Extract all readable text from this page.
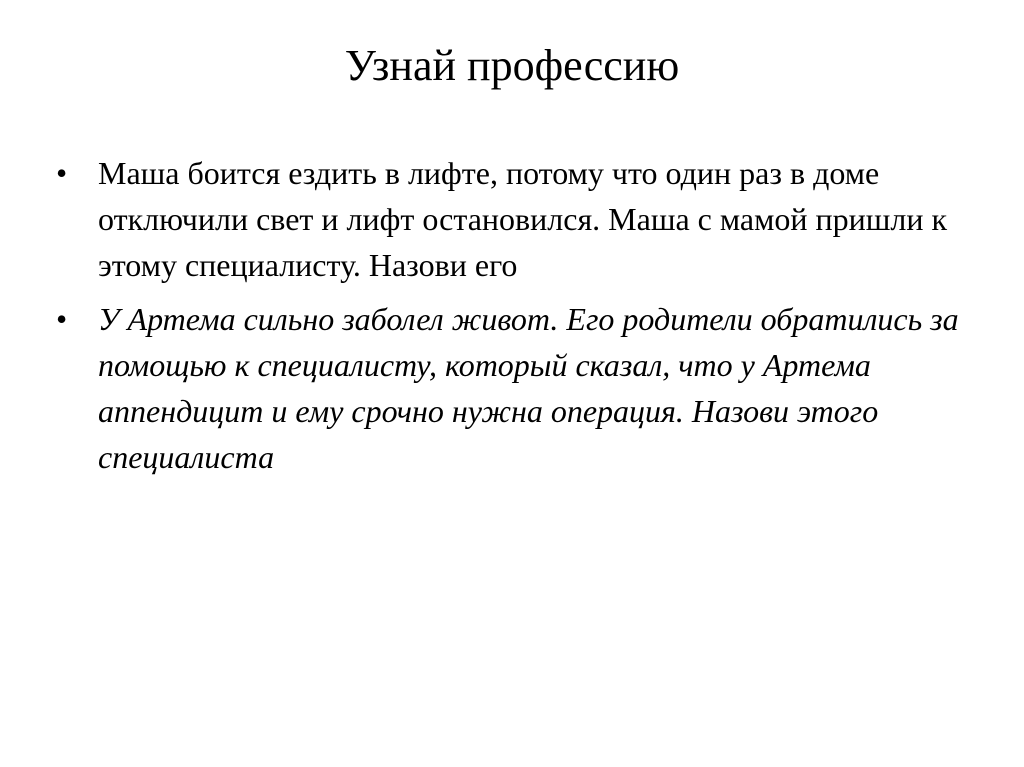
Узнай профессию
• Маша боится ездить в лифте, потому что один раз в доме отключили свет и лифт остановился. Маша с мамой пришли к этому специалисту. Назови его
• У Артема сильно заболел живот. Его родители обратились за помощью к специалисту, который сказал, что у Артема аппендицит и ему срочно нужна операция. Назови этого специалиста
